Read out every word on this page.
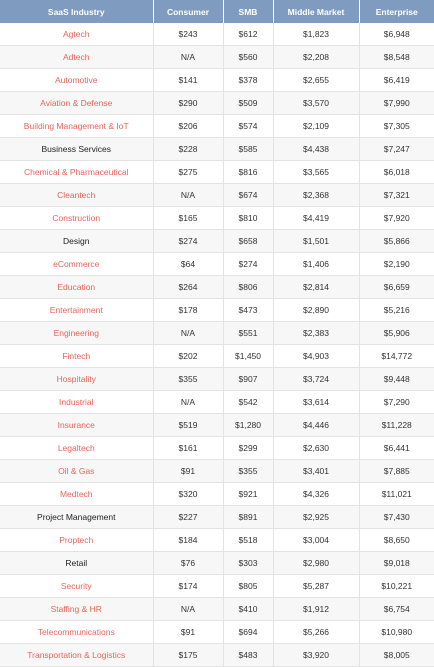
SaaS Industry	Consumer	SMB	Middle Market	Enterprise
Agtech	$243	$612	$1,823	$6,948
Adtech	N/A	$560	$2,208	$8,548
Automotive	$141	$378	$2,655	$6,419
Aviation & Defense	$290	$509	$3,570	$7,990
Building Management & IoT	$206	$574	$2,109	$7,305
Business Services	$228	$585	$4,438	$7,247
Chemical & Pharmaceutical	$275	$816	$3,565	$6,018
Cleantech	N/A	$674	$2,368	$7,321
Construction	$165	$810	$4,419	$7,920
Design	$274	$658	$1,501	$5,866
eCommerce	$64	$274	$1,406	$2,190
Education	$264	$806	$2,814	$6,659
Entertainment	$178	$473	$2,890	$5,216
Engineering	N/A	$551	$2,383	$5,906
Fintech	$202	$1,450	$4,903	$14,772
Hospitality	$355	$907	$3,724	$9,448
Industrial	N/A	$542	$3,614	$7,290
Insurance	$519	$1,280	$4,446	$11,228
Legaltech	$161	$299	$2,630	$6,441
Oil & Gas	$91	$355	$3,401	$7,885
Medtech	$320	$921	$4,326	$11,021
Project Management	$227	$891	$2,925	$7,430
Proptech	$184	$518	$3,004	$8,650
Retail	$76	$303	$2,980	$9,018
Security	$174	$805	$5,287	$10,221
Staffing & HR	N/A	$410	$1,912	$6,754
Telecommunications	$91	$694	$5,266	$10,980
Transportation & Logistics	$175	$483	$3,920	$8,005
